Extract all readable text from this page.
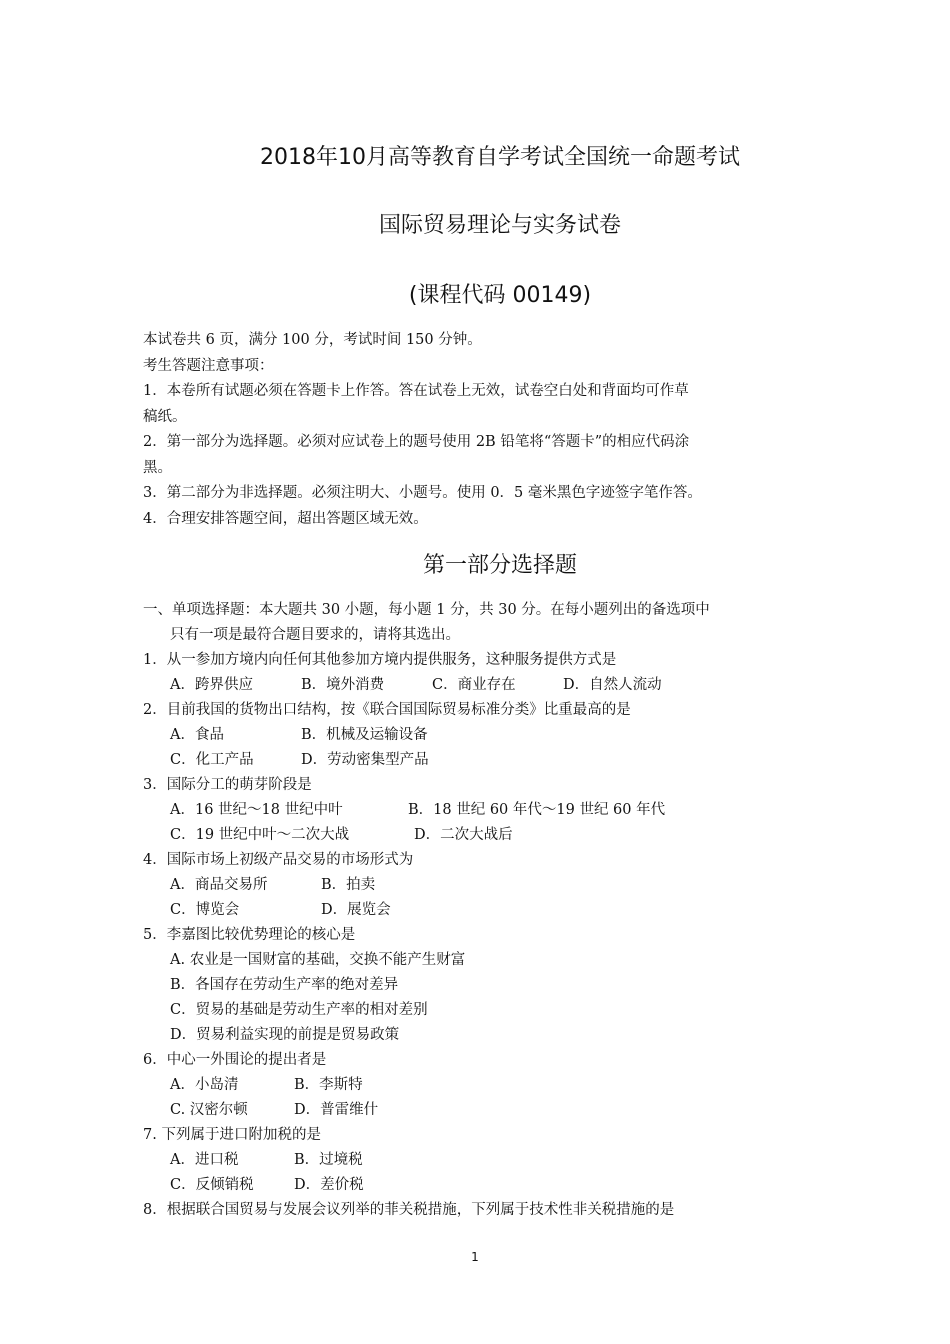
2018年10月高等教育自学考试全国统一命题考试
国际贸易理论与实务试卷
(课程代码 00149)
本试卷共 6 页，满分 100 分，考试时间 150 分钟。
考生答题注意事项：
1．本卷所有试题必须在答题卡上作答。答在试卷上无效，试卷空白处和背面均可作草
稿纸。
2．第一部分为选择题。必须对应试卷上的题号使用 2B 铅笔将“答题卡”的相应代码涂
黑。
3．第二部分为非选择题。必须注明大、小题号。使用 0．5 毫米黑色字迹签字笔作答。
4．合理安排答题空间，超出答题区域无效。
第一部分选择题
一、单项选择题：本大题共 30 小题，每小题 1 分，共 30 分。在每小题列出的备选项中
只有一项是最符合题目要求的，请将其选出。
1．从一参加方境内向任何其他参加方境内提供服务，这种服务提供方式是
A．跨界供应	B．境外消费	C．商业存在	D．自然人流动
2．目前我国的货物出口结构，按《联合国国际贸易标准分类》比重最高的是
A．食品	B．机械及运输设备
C．化工产品	D．劳动密集型产品
3．国际分工的萌芽阶段是
A．16 世纪～18 世纪中叶	B．18 世纪 60 年代～19 世纪 60 年代
C．19 世纪中叶～二次大战	D．二次大战后
4．国际市场上初级产品交易的市场形式为
A．商品交易所	B．拍卖
C．博览会	D．展览会
5．李嘉图比较优势理论的核心是
A. 农业是一国财富的基础，交换不能产生财富
B．各国存在劳动生产率的绝对差异
C．贸易的基础是劳动生产率的相对差别
D．贸易利益实现的前提是贸易政策
6．中心一外围论的提出者是
A．小岛清	B．李斯特
C. 汉密尔顿	D．普雷维什
7. 下列属于进口附加税的是
A．进口税	B．过境税
C．反倾销税	D．差价税
8．根据联合国贸易与发展会议列举的菲关税措施，下列属于技术性非关税措施的是
1
